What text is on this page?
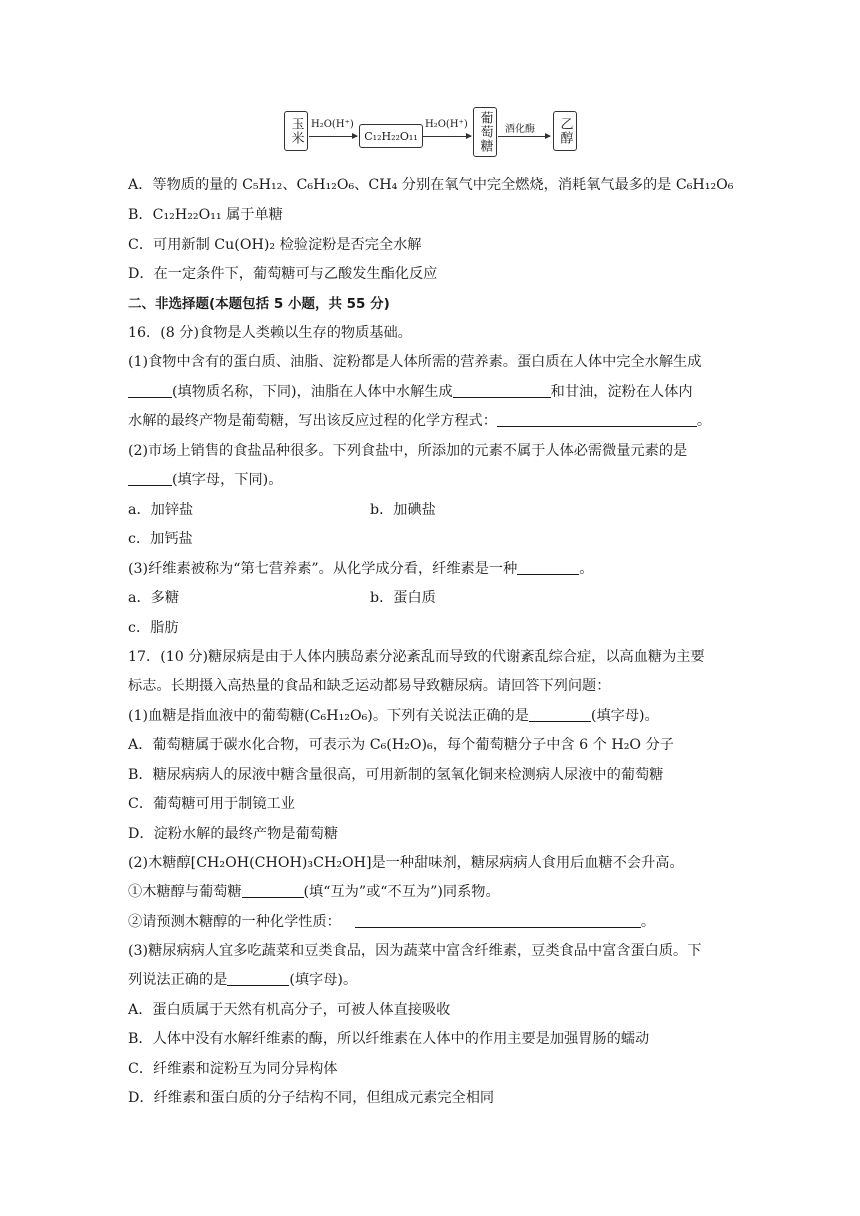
玉米 H₂O(H⁺)
C₁₂H₂₂O₁₁
H₂O(H⁺) 葡萄糖 酒化酶 乙醇
A．等物质的量的 C₅H₁₂、C₆H₁₂O₆、CH₄ 分别在氧气中完全燃烧，消耗氧气最多的是 C₆H₁₂O₆
B．C₁₂H₂₂O₁₁ 属于单糖
C．可用新制 Cu(OH)₂ 检验淀粉是否完全水解
D．在一定条件下，葡萄糖可与乙酸发生酯化反应
二、非选择题(本题包括 5 小题，共 55 分)
16．(8 分)食物是人类赖以生存的物质基础。
(1)食物中含有的蛋白质、油脂、淀粉都是人体所需的营养素。蛋白质在人体中完全水解生成
(填物质名称，下同)，油脂在人体中水解生成	和甘油，淀粉在人体内
水解的最终产物是葡萄糖，写出该反应过程的化学方程式：	。
(2)市场上销售的食盐品种很多。下列食盐中，所添加的元素不属于人体必需微量元素的是
(填字母，下同)。
a．加锌盐	b．加碘盐
c．加钙盐
(3)纤维素被称为“第七营养素”。从化学成分看，纤维素是一种	。
a．多糖	b．蛋白质
c．脂肪
17．(10 分)糖尿病是由于人体内胰岛素分泌紊乱而导致的代谢紊乱综合症，以高血糖为主要
标志。长期摄入高热量的食品和缺乏运动都易导致糖尿病。请回答下列问题：
(1)血糖是指血液中的葡萄糖(C₆H₁₂O₆)。下列有关说法正确的是	(填字母)。
A．葡萄糖属于碳水化合物，可表示为 C₆(H₂O)₆，每个葡萄糖分子中含 6 个 H₂O 分子
B．糖尿病病人的尿液中糖含量很高，可用新制的氢氧化铜来检测病人尿液中的葡萄糖
C．葡萄糖可用于制镜工业
D．淀粉水解的最终产物是葡萄糖
(2)木糖醇[CH₂OH(CHOH)₃CH₂OH]是一种甜味剂，糖尿病病人食用后血糖不会升高。
①木糖醇与葡萄糖	(填“互为”或“不互为”)同系物。
②请预测木糖醇的一种化学性质：	。
(3)糖尿病病人宜多吃蔬菜和豆类食品，因为蔬菜中富含纤维素，豆类食品中富含蛋白质。下
列说法正确的是	(填字母)。
A．蛋白质属于天然有机高分子，可被人体直接吸收
B．人体中没有水解纤维素的酶，所以纤维素在人体中的作用主要是加强胃肠的蠕动
C．纤维素和淀粉互为同分异构体
D．纤维素和蛋白质的分子结构不同，但组成元素完全相同
